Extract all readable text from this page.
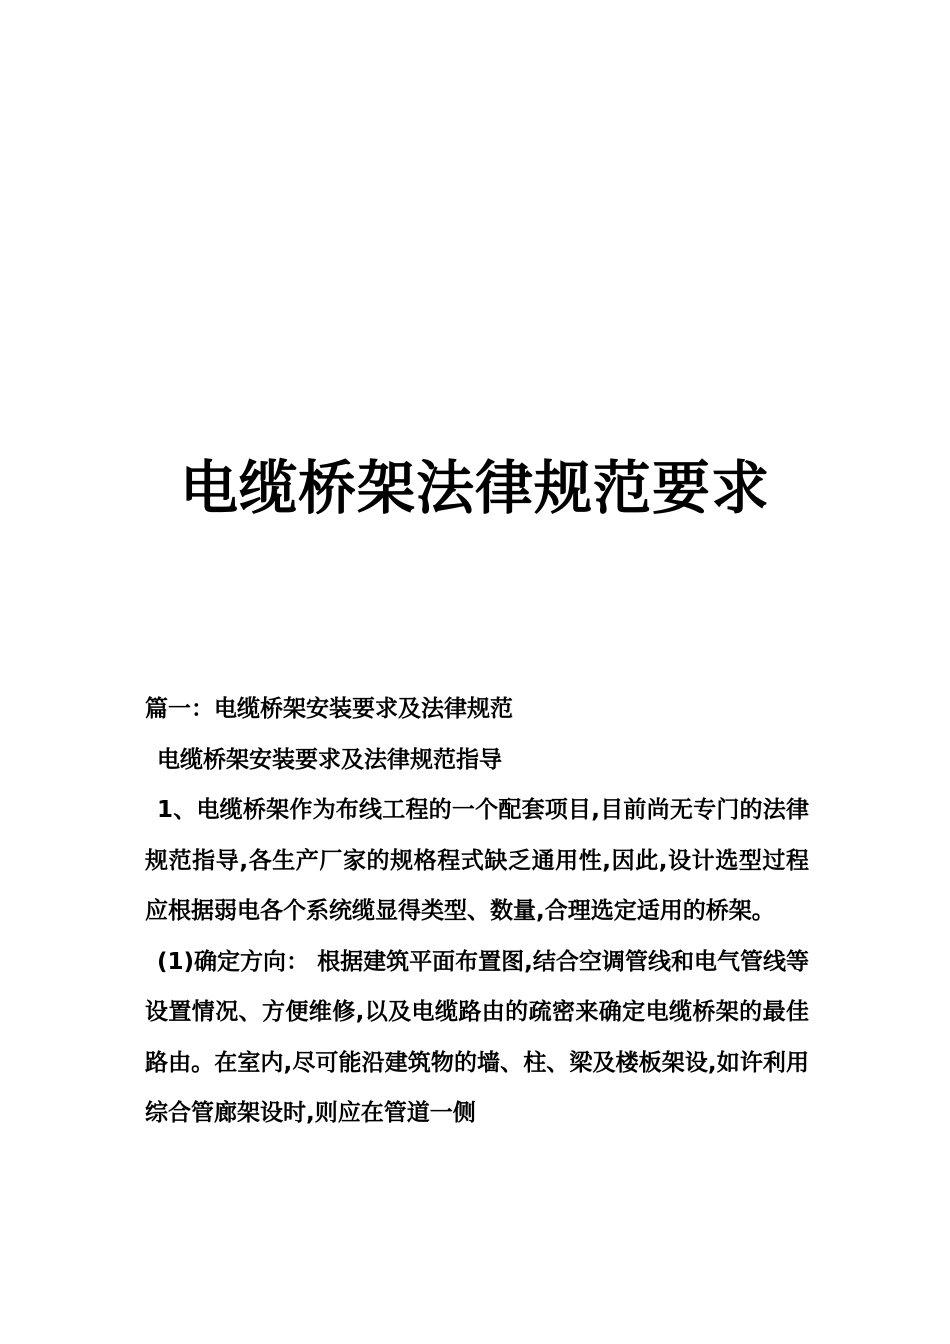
电缆桥架法律规范要求

篇一：电缆桥架安装要求及法律规范

电缆桥架安装要求及法律规范指导

1、电缆桥架作为布线工程的一个配套项目,目前尚无专门的法律规范指导,各生产厂家的规格程式缺乏通用性,因此,设计选型过程应根据弱电各个系统缆显得类型、数量,合理选定适用的桥架。

(1)确定方向： 根据建筑平面布置图,结合空调管线和电气管线等设置情况、方便维修,以及电缆路由的疏密来确定电缆桥架的最佳路由。在室内,尽可能沿建筑物的墙、柱、梁及楼板架设,如许利用综合管廊架设时,则应在管道一侧
